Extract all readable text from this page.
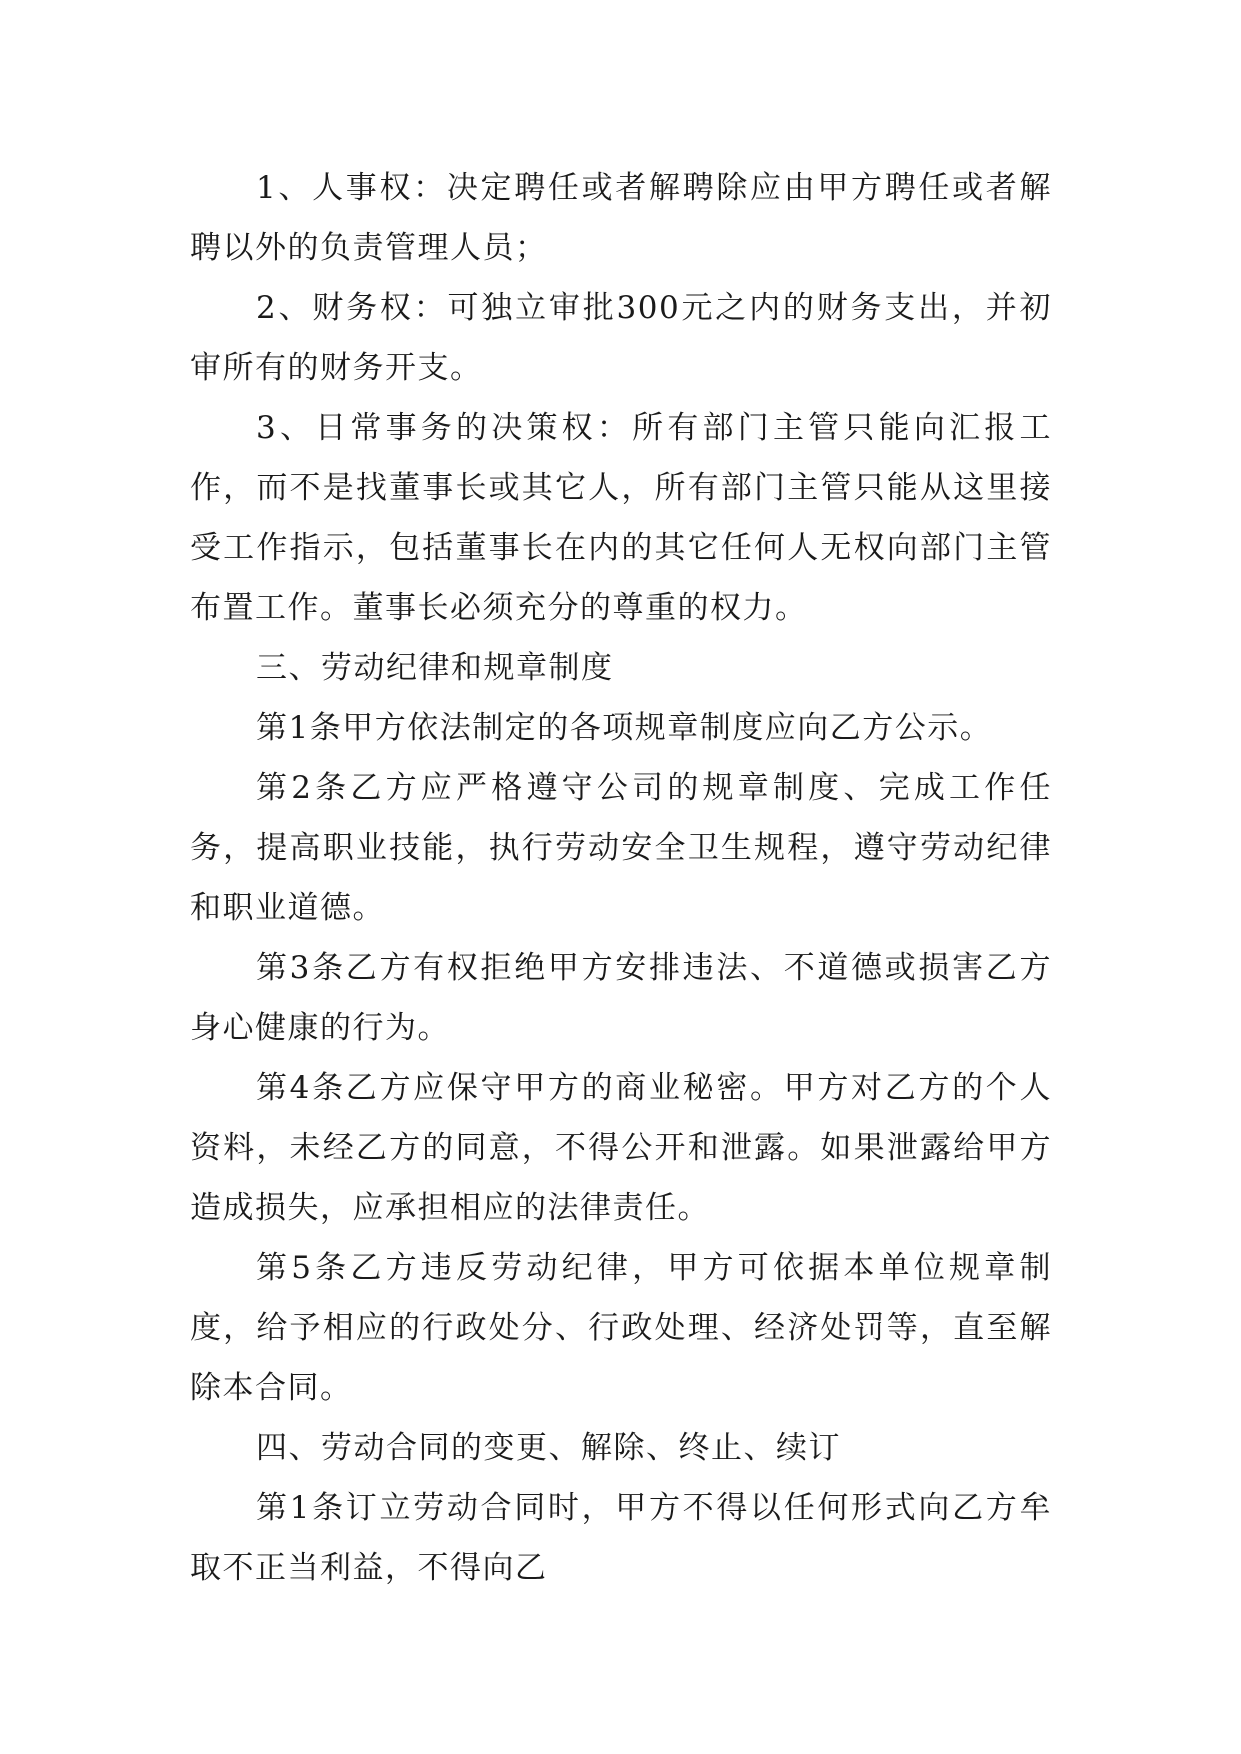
1、人事权：决定聘任或者解聘除应由甲方聘任或者解聘以外的负责管理人员；

2、财务权：可独立审批300元之内的财务支出，并初审所有的财务开支。

3、日常事务的决策权：所有部门主管只能向汇报工作，而不是找董事长或其它人，所有部门主管只能从这里接受工作指示，包括董事长在内的其它任何人无权向部门主管布置工作。董事长必须充分的尊重的权力。

三、劳动纪律和规章制度

第1条甲方依法制定的各项规章制度应向乙方公示。

第2条乙方应严格遵守公司的规章制度、完成工作任务，提高职业技能，执行劳动安全卫生规程，遵守劳动纪律和职业道德。

第3条乙方有权拒绝甲方安排违法、不道德或损害乙方身心健康的行为。

第4条乙方应保守甲方的商业秘密。甲方对乙方的个人资料，未经乙方的同意，不得公开和泄露。如果泄露给甲方造成损失，应承担相应的法律责任。

第5条乙方违反劳动纪律，甲方可依据本单位规章制度，给予相应的行政处分、行政处理、经济处罚等，直至解除本合同。

四、劳动合同的变更、解除、终止、续订

第1条订立劳动合同时，甲方不得以任何形式向乙方牟取不正当利益，不得向乙
